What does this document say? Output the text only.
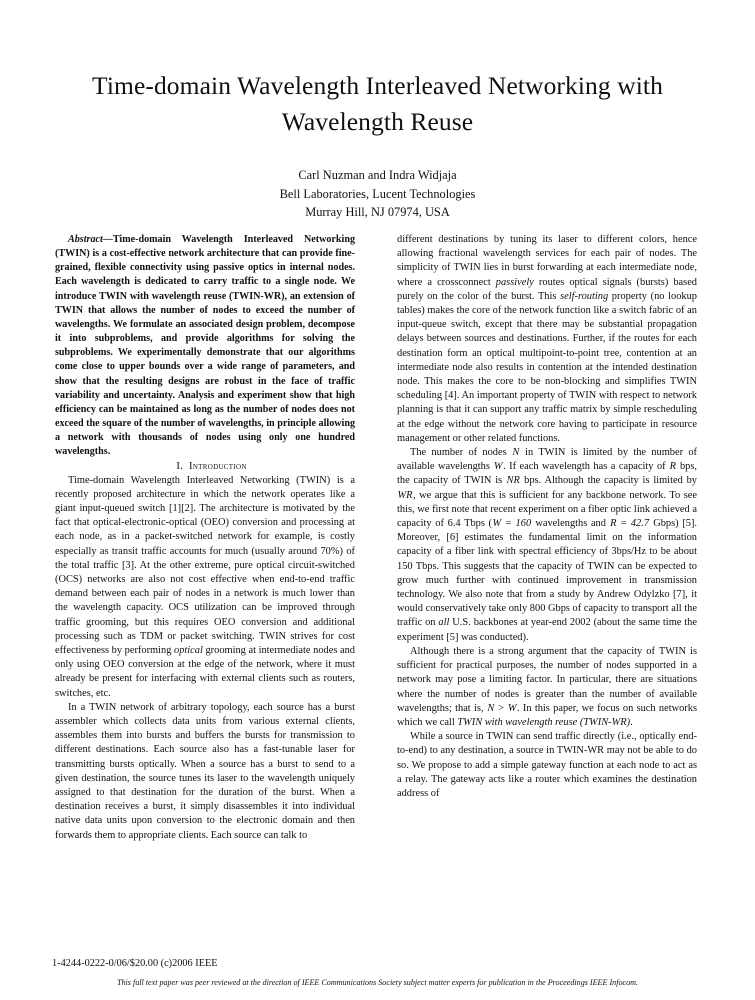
Time-domain Wavelength Interleaved Networking with Wavelength Reuse
Carl Nuzman and Indra Widjaja
Bell Laboratories, Lucent Technologies
Murray Hill, NJ 07974, USA

Abstract—Time-domain Wavelength Interleaved Networking (TWIN) is a cost-effective network architecture that can provide fine-grained, flexible connectivity using passive optics in internal nodes. Each wavelength is dedicated to carry traffic to a single node. We introduce TWIN with wavelength reuse (TWIN-WR), an extension of TWIN that allows the number of nodes to exceed the number of wavelengths. We formulate an associated design problem, decompose it into subproblems, and provide algorithms for solving the subproblems. We experimentally demonstrate that our algorithms come close to upper bounds over a wide range of parameters, and show that the resulting designs are robust in the face of traffic variability and uncertainty. Analysis and experiment show that high efficiency can be maintained as long as the number of nodes does not exceed the square of the number of wavelengths, in principle allowing a network with thousands of nodes using only one hundred wavelengths.

I. Introduction

Time-domain Wavelength Interleaved Networking (TWIN) is a recently proposed architecture in which the network operates like a giant input-queued switch [1][2]. The architecture is motivated by the fact that optical-electronic-optical (OEO) conversion and processing at each node, as in a packet-switched network for example, is costly especially as transit traffic accounts for much (usually around 70%) of the total traffic [3]. At the other extreme, pure optical circuit-switched (OCS) networks are also not cost effective when end-to-end traffic demand between each pair of nodes in a network is much lower than the wavelength capacity. OCS utilization can be improved through traffic grooming, but this requires OEO conversion and additional processing such as TDM or packet switching. TWIN strives for cost effectiveness by performing optical grooming at intermediate nodes and only using OEO conversion at the edge of the network, where it must already be present for interfacing with external clients such as routers, switches, etc.

In a TWIN network of arbitrary topology, each source has a burst assembler which collects data units from various external clients, assembles them into bursts and buffers the bursts for transmission to different destinations. Each source also has a fast-tunable laser for transmitting bursts optically. When a source has a burst to send to a given destination, the source tunes its laser to the wavelength uniquely assigned to that destination for the duration of the burst. When a destination receives a burst, it simply disassembles it into individual native data units upon conversion to the electronic domain and then forwards them to appropriate clients. Each source can talk to

different destinations by tuning its laser to different colors, hence allowing fractional wavelength services for each pair of nodes. The simplicity of TWIN lies in burst forwarding at each intermediate node, where a crossconnect passively routes optical signals (bursts) based purely on the color of the burst. This self-routing property (no lookup tables) makes the core of the network function like a switch fabric of an input-queue switch, except that there may be substantial propagation delays between sources and destinations. Further, if the routes for each destination form an optical multipoint-to-point tree, contention at an intermediate node also results in contention at the intended destination node. This makes the core to be non-blocking and simplifies TWIN scheduling [4]. An important property of TWIN with respect to network planning is that it can support any traffic matrix by simple rescheduling at the edge without the network core having to participate in resource management or other related functions.

The number of nodes N in TWIN is limited by the number of available wavelengths W. If each wavelength has a capacity of R bps, the capacity of TWIN is NR bps. Although the capacity is limited by WR, we argue that this is sufficient for any backbone network. To see this, we first note that recent experiment on a fiber optic link achieved a capacity of 6.4 Tbps (W = 160 wavelengths and R = 42.7 Gbps) [5]. Moreover, [6] estimates the fundamental limit on the information capacity of a fiber link with spectral efficiency of 3bps/Hz to be about 150 Tbps. This suggests that the capacity of TWIN can be expected to grow much further with continued improvement in transmission technology. We also note that from a study by Andrew Odylzko [7], it would conservatively take only 800 Gbps of capacity to transport all the traffic on all U.S. backbones at year-end 2002 (about the same time the experiment [5] was conducted).

Although there is a strong argument that the capacity of TWIN is sufficient for practical purposes, the number of nodes supported in a network may pose a limiting factor. In particular, there are situations where the number of nodes is greater than the number of available wavelengths; that is, N > W. In this paper, we focus on such networks which we call TWIN with wavelength reuse (TWIN-WR).

While a source in TWIN can send traffic directly (i.e., optically end-to-end) to any destination, a source in TWIN-WR may not be able to do so. We propose to add a simple gateway function at each node to act as a relay. The gateway acts like a router which examines the destination address of

1-4244-0222-0/06/$20.00 (c)2006 IEEE
This full text paper was peer reviewed at the direction of IEEE Communications Society subject matter experts for publication in the Proceedings IEEE Infocom.
